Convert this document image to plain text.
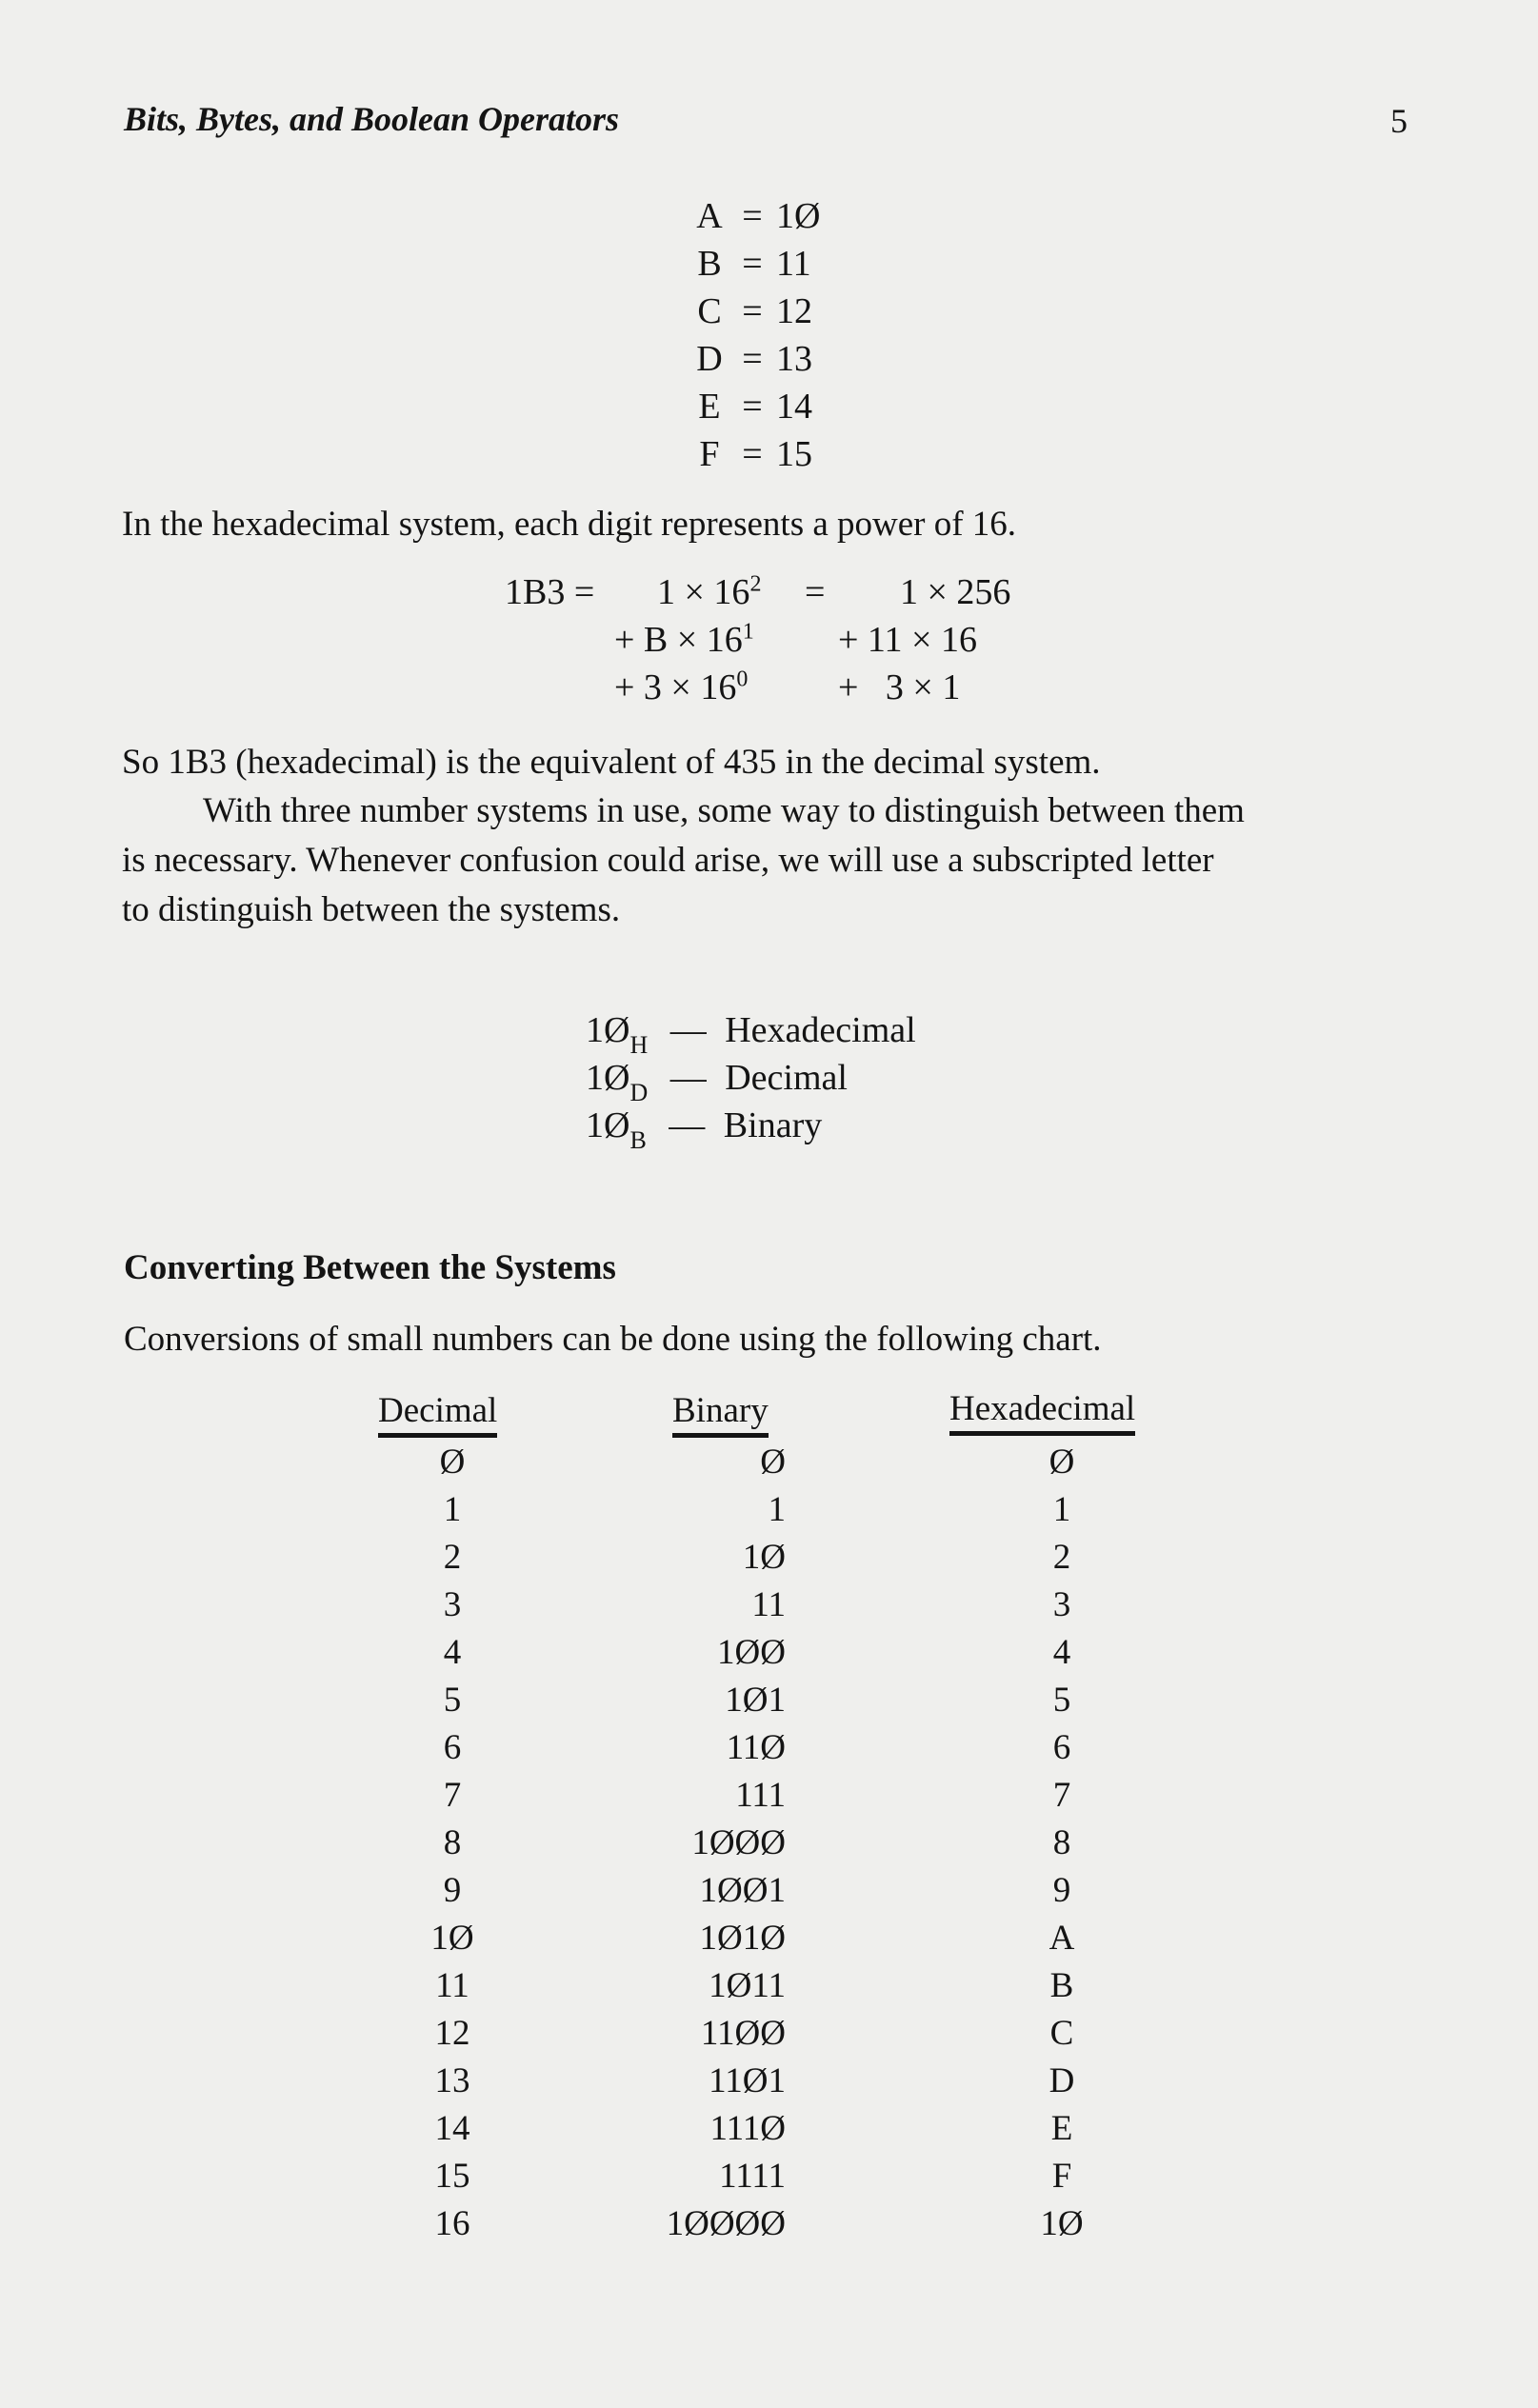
Bits, Bytes, and Boolean Operators	5
A = 1Ø
B = 11
C = 12
D = 13
E = 14
F = 15
In the hexadecimal system, each digit represents a power of 16.
$1B3 = 1 \times 16^2 = 1 \times 256$
+ $B \times 16^1 + 11 \times 16$
+ $3 \times 16^0 + 3 \times 1$
So 1B3 (hexadecimal) is the equivalent of 435 in the decimal system.
With three number systems in use, some way to distinguish between them
is necessary. Whenever confusion could arise, we will use a subscripted letter
to distinguish between the systems.
$1Ø_H$ — Hexadecimal
$1Ø_D$ — Decimal
$1Ø_B$ — Binary
Converting Between the Systems
Conversions of small numbers can be done using the following chart.
Decimal	Binary	Hexadecimal
Ø	Ø	Ø
1	1	1
2	1Ø	2
3	11	3
4	1ØØ	4
5	1Ø1	5
6	11Ø	6
7	111	7
8	1ØØØ	8
9	1ØØ1	9
1Ø	1Ø1Ø	A
11	1Ø11	B
12	11ØØ	C
13	11Ø1	D
14	111Ø	E
15	1111	F
16	1ØØØØ	1Ø
